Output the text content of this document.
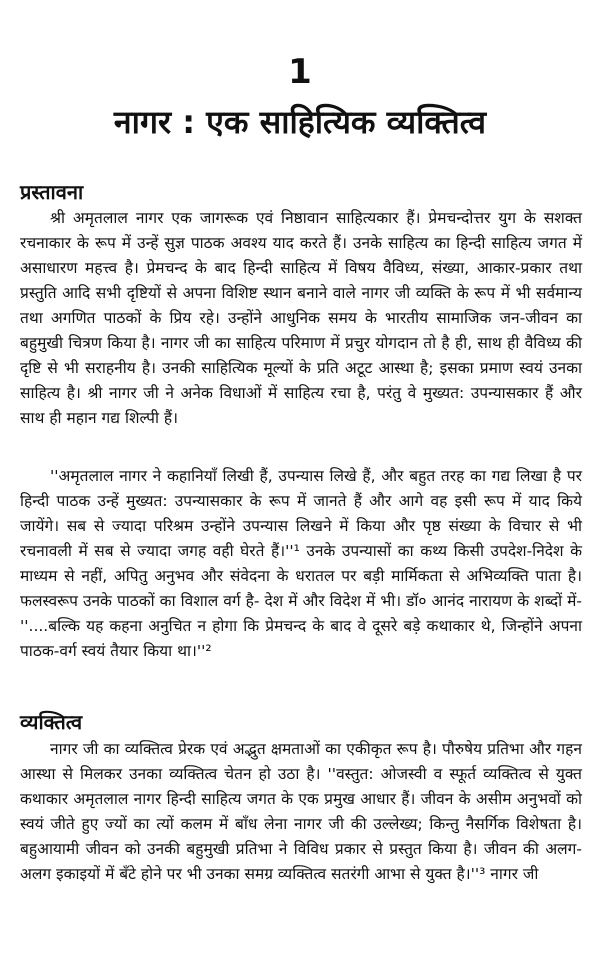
1
नागर : एक साहित्यिक व्यक्तित्व
प्रस्तावना

श्री अमृतलाल नागर एक जागरूक एवं निष्ठावान साहित्यकार हैं। प्रेमचन्दोत्तर युग के सशक्त रचनाकार के रूप में उन्हें सुज्ञ पाठक अवश्य याद करते हैं। उनके साहित्य का हिन्दी साहित्य जगत में असाधारण महत्त्व है। प्रेमचन्द के बाद हिन्दी साहित्य में विषय वैविध्य, संख्या, आकार-प्रकार तथा प्रस्तुति आदि सभी दृष्टियों से अपना विशिष्ट स्थान बनाने वाले नागर जी व्यक्ति के रूप में भी सर्वमान्य तथा अगणित पाठकों के प्रिय रहे। उन्होंने आधुनिक समय के भारतीय सामाजिक जन-जीवन का बहुमुखी चित्रण किया है। नागर जी का साहित्य परिमाण में प्रचुर योगदान तो है ही, साथ ही वैविध्य की दृष्टि से भी सराहनीय है। उनकी साहित्यिक मूल्यों के प्रति अटूट आस्था है; इसका प्रमाण स्वयं उनका साहित्य है। श्री नागर जी ने अनेक विधाओं में साहित्य रचा है, परंतु वे मुख्यत: उपन्यासकार हैं और साथ ही महान गद्य शिल्पी हैं।

''अमृतलाल नागर ने कहानियाँ लिखी हैं, उपन्यास लिखे हैं, और बहुत तरह का गद्य लिखा है पर हिन्दी पाठक उन्हें मुख्यत: उपन्यासकार के रूप में जानते हैं और आगे वह इसी रूप में याद किये जायेंगे। सब से ज्यादा परिश्रम उन्होंने उपन्यास लिखने में किया और पृष्ठ संख्या के विचार से भी रचनावली में सब से ज्यादा जगह वही घेरते हैं।''¹ उनके उपन्यासों का कथ्य किसी उपदेश-निदेश के माध्यम से नहीं, अपितु अनुभव और संवेदना के धरातल पर बड़ी मार्मिकता से अभिव्यक्ति पाता है। फलस्वरूप उनके पाठकों का विशाल वर्ग है- देश में और विदेश में भी। डॉ० आनंद नारायण के शब्दों में- ''....बल्कि यह कहना अनुचित न होगा कि प्रेमचन्द के बाद वे दूसरे बड़े कथाकार थे, जिन्होंने अपना पाठक-वर्ग स्वयं तैयार किया था।''²

व्यक्तित्व

नागर जी का व्यक्तित्व प्रेरक एवं अद्भुत क्षमताओं का एकीकृत रूप है। पौरुषेय प्रतिभा और गहन आस्था से मिलकर उनका व्यक्तित्व चेतन हो उठा है। ''वस्तुत: ओजस्वी व स्फूर्त व्यक्तित्व से युक्त कथाकार अमृतलाल नागर हिन्दी साहित्य जगत के एक प्रमुख आधार हैं। जीवन के असीम अनुभवों को स्वयं जीते हुए ज्यों का त्यों कलम में बाँध लेना नागर जी की उल्लेख्य; किन्तु नैसर्गिक विशेषता है। बहुआयामी जीवन को उनकी बहुमुखी प्रतिभा ने विविध प्रकार से प्रस्तुत किया है। जीवन की अलग-अलग इकाइयों में बँटे होने पर भी उनका समग्र व्यक्तित्व सतरंगी आभा से युक्त है।''³ नागर जी
